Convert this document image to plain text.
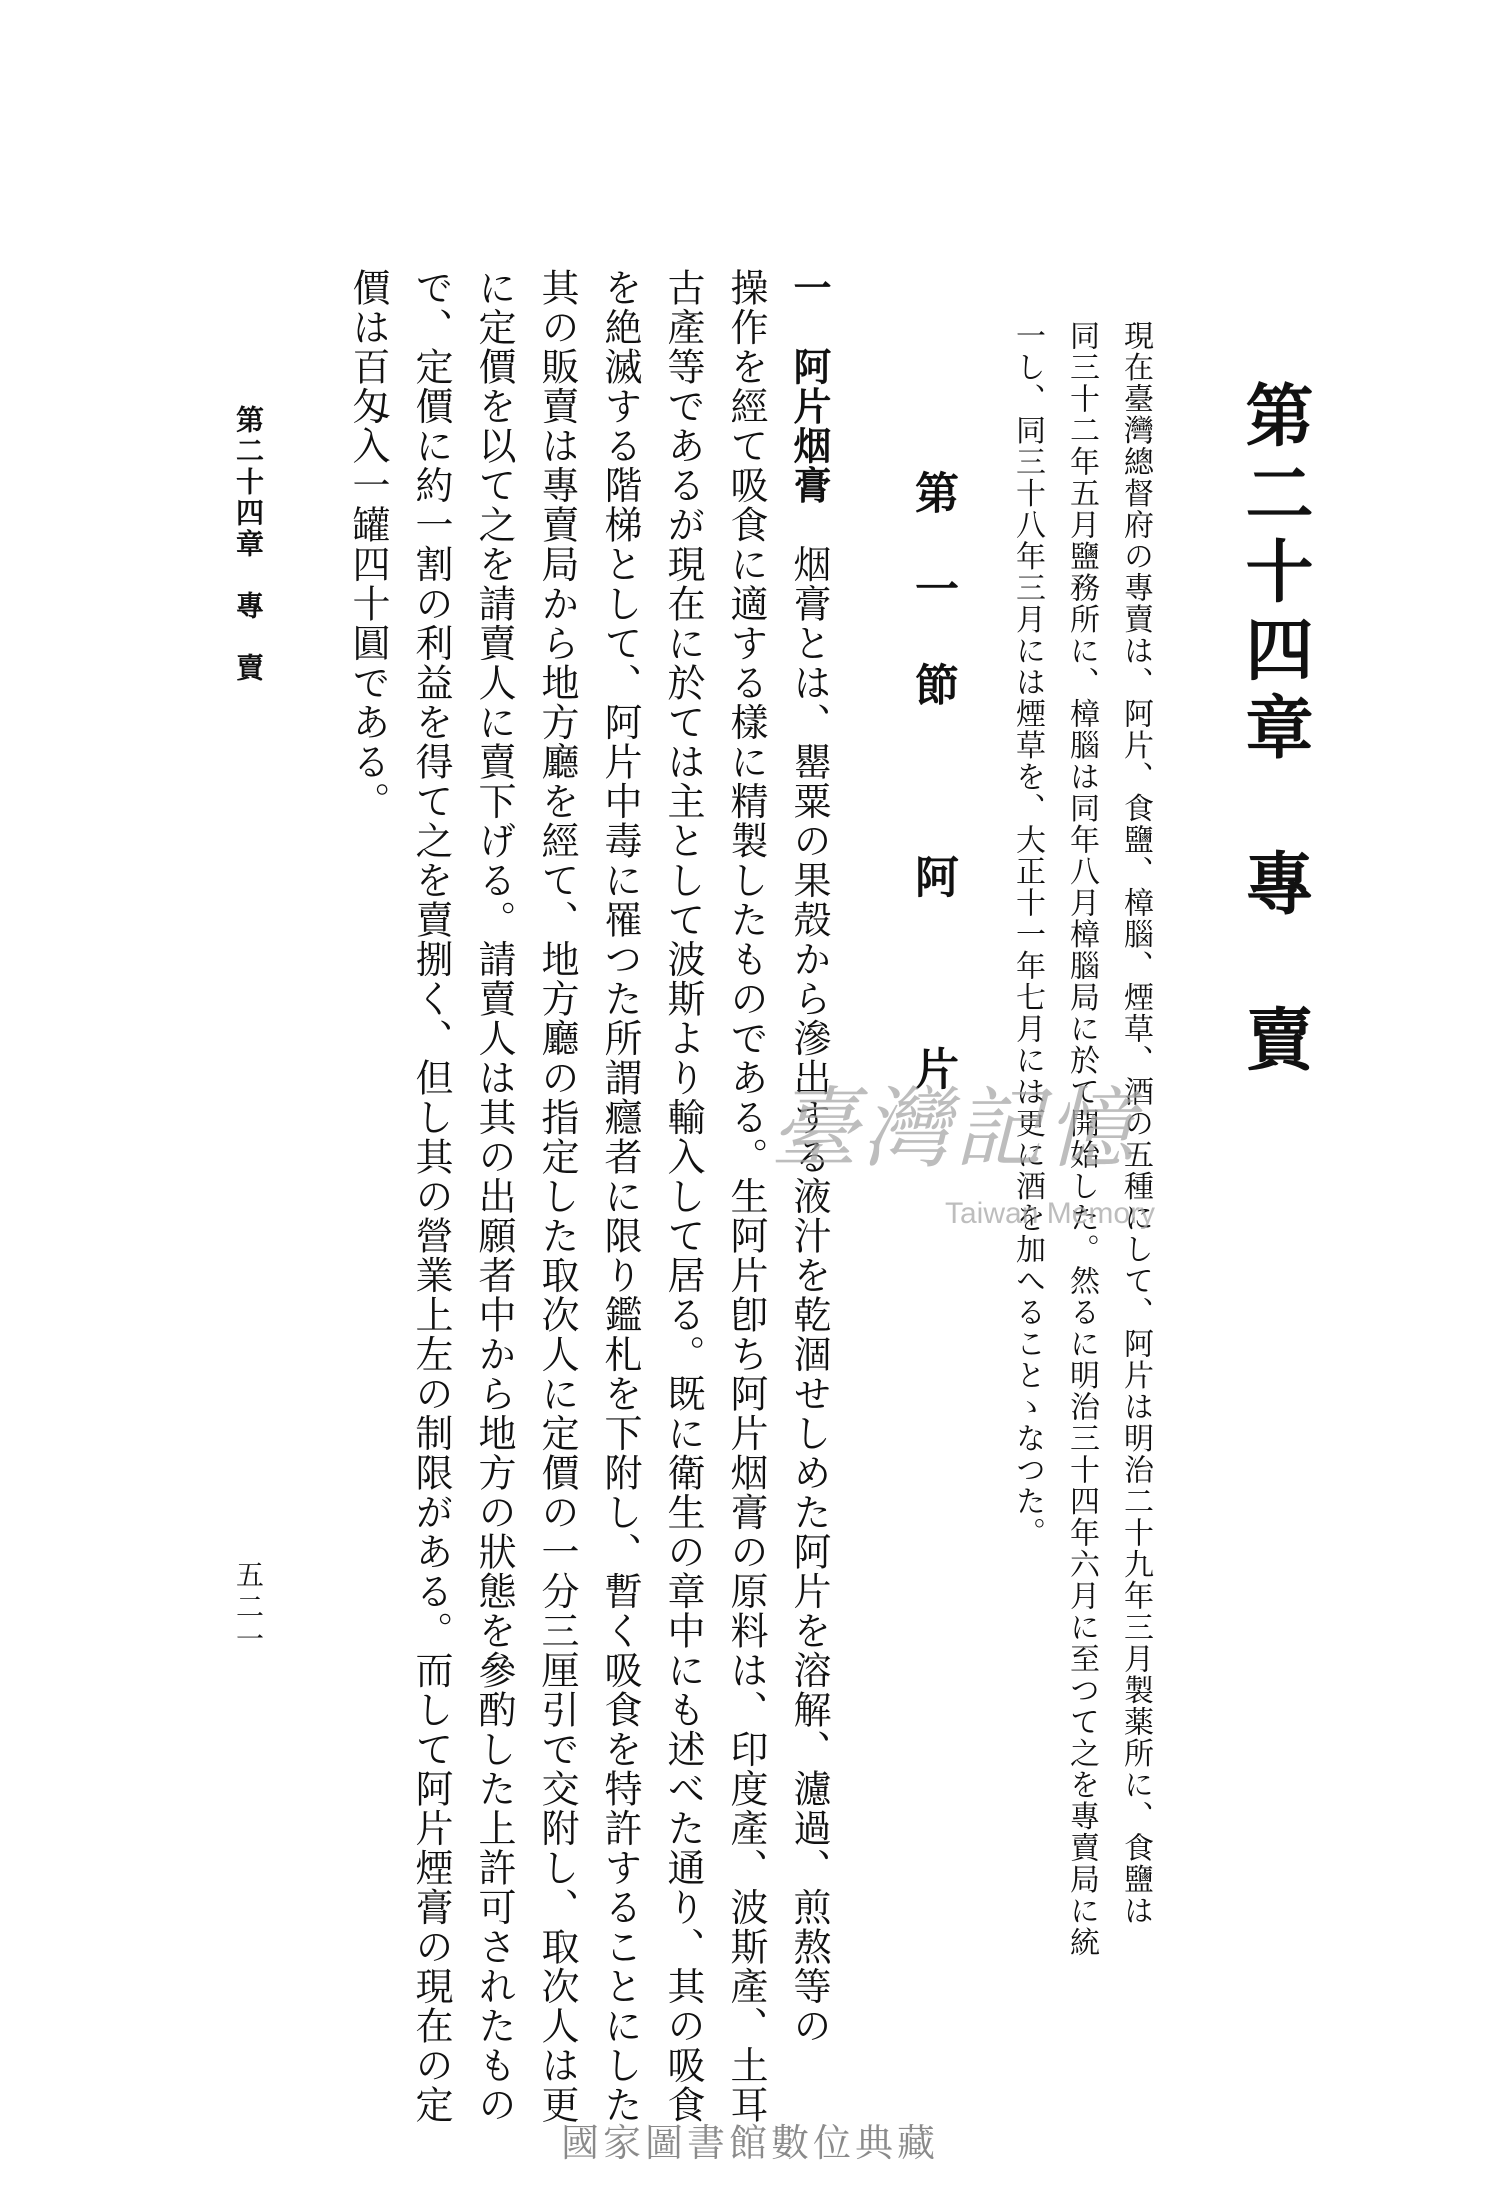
第二十四章　專　賣
現在臺灣總督府の專賣は、阿片、食鹽、樟腦、煙草、酒の五種にして、阿片は明治二十九年三月製薬所に、食鹽は
同三十二年五月鹽務所に、樟腦は同年八月樟腦局に於て開始した。然るに明治三十四年六月に至つて之を專賣局に統
一し、同三十八年三月には煙草を、大正十一年七月には更に酒を加へることゝなつた。
第一節　阿　片
一　阿片烟膏　烟膏とは、罌粟の果殻から滲出する液汁を乾涸せしめた阿片を溶解、濾過、煎熬等の
操作を經て吸食に適する樣に精製したものである。生阿片卽ち阿片烟膏の原料は、印度產、波斯產、土耳
古產等であるが現在に於ては主として波斯より輸入して居る。既に衛生の章中にも述べた通り、其の吸食
を絶滅する階梯として、阿片中毒に罹つた所謂癮者に限り鑑札を下附し、暫く吸食を特許することにした
其の販賣は專賣局から地方廳を經て、地方廳の指定した取次人に定價の一分三厘引で交附し、取次人は更
に定價を以て之を請賣人に賣下げる。請賣人は其の出願者中から地方の狀態を參酌した上許可されたもの
で、定價に約一割の利益を得て之を賣捌く、但し其の營業上左の制限がある。而して阿片煙膏の現在の定
價は百匁入一罐四十圓である。
第二十四章　專　賣
五二一
臺灣記憶
Taiwan Memory
國家圖書館數位典藏
